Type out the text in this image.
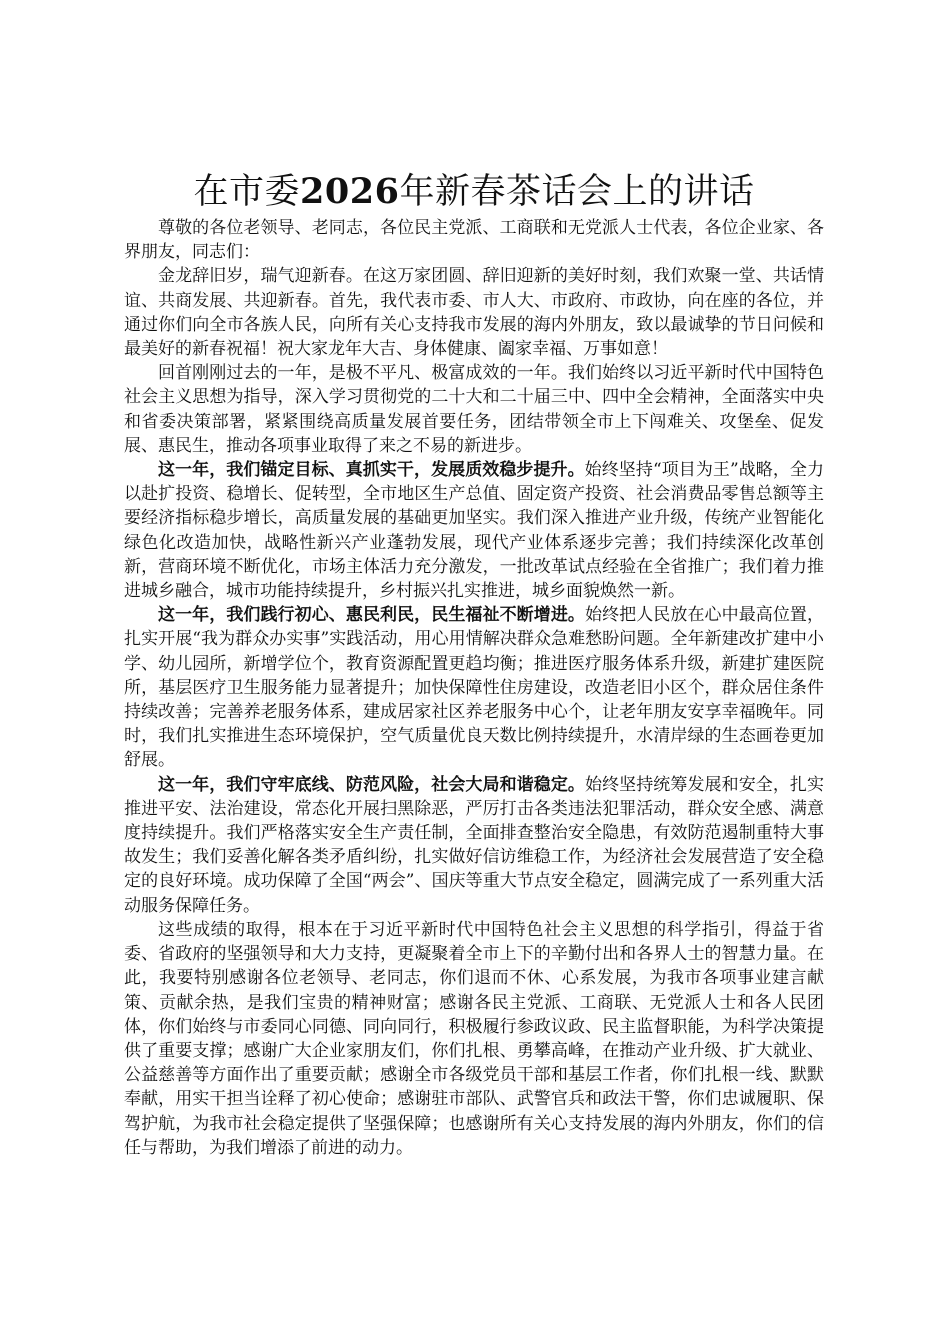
在市委2026年新春茶话会上的讲话

尊敬的各位老领导、老同志，各位民主党派、工商联和无党派人士代表，各位企业家、各界朋友，同志们：

金龙辞旧岁，瑞气迎新春。在这万家团圆、辞旧迎新的美好时刻，我们欢聚一堂、共话情谊、共商发展、共迎新春。首先，我代表市委、市人大、市政府、市政协，向在座的各位，并通过你们向全市各族人民，向所有关心支持我市发展的海内外朋友，致以最诚挚的节日问候和最美好的新春祝福！祝大家龙年大吉、身体健康、阖家幸福、万事如意！

回首刚刚过去的一年，是极不平凡、极富成效的一年。我们始终以习近平新时代中国特色社会主义思想为指导，深入学习贯彻党的二十大和二十届三中、四中全会精神，全面落实中央和省委决策部署，紧紧围绕高质量发展首要任务，团结带领全市上下闯难关、攻堡垒、促发展、惠民生，推动各项事业取得了来之不易的新进步。

这一年，我们锚定目标、真抓实干，发展质效稳步提升。始终坚持“项目为王”战略，全力以赴扩投资、稳增长、促转型，全市地区生产总值、固定资产投资、社会消费品零售总额等主要经济指标稳步增长，高质量发展的基础更加坚实。我们深入推进产业升级，传统产业智能化绿色化改造加快，战略性新兴产业蓬勃发展，现代产业体系逐步完善；我们持续深化改革创新，营商环境不断优化，市场主体活力充分激发，一批改革试点经验在全省推广；我们着力推进城乡融合，城市功能持续提升，乡村振兴扎实推进，城乡面貌焕然一新。

这一年，我们践行初心、惠民利民，民生福祉不断增进。始终把人民放在心中最高位置，扎实开展“我为群众办实事”实践活动，用心用情解决群众急难愁盼问题。全年新建改扩建中小学、幼儿园所，新增学位个，教育资源配置更趋均衡；推进医疗服务体系升级，新建扩建医院所，基层医疗卫生服务能力显著提升；加快保障性住房建设，改造老旧小区个，群众居住条件持续改善；完善养老服务体系，建成居家社区养老服务中心个，让老年朋友安享幸福晚年。同时，我们扎实推进生态环境保护，空气质量优良天数比例持续提升，水清岸绿的生态画卷更加舒展。

这一年，我们守牢底线、防范风险，社会大局和谐稳定。始终坚持统筹发展和安全，扎实推进平安、法治建设，常态化开展扫黑除恶，严厉打击各类违法犯罪活动，群众安全感、满意度持续提升。我们严格落实安全生产责任制，全面排查整治安全隐患，有效防范遏制重特大事故发生；我们妥善化解各类矛盾纠纷，扎实做好信访维稳工作，为经济社会发展营造了安全稳定的良好环境。成功保障了全国“两会”、国庆等重大节点安全稳定，圆满完成了一系列重大活动服务保障任务。

这些成绩的取得，根本在于习近平新时代中国特色社会主义思想的科学指引，得益于省委、省政府的坚强领导和大力支持，更凝聚着全市上下的辛勤付出和各界人士的智慧力量。在此，我要特别感谢各位老领导、老同志，你们退而不休、心系发展，为我市各项事业建言献策、贡献余热，是我们宝贵的精神财富；感谢各民主党派、工商联、无党派人士和各人民团体，你们始终与市委同心同德、同向同行，积极履行参政议政、民主监督职能，为科学决策提供了重要支撑；感谢广大企业家朋友们，你们扎根、勇攀高峰，在推动产业升级、扩大就业、公益慈善等方面作出了重要贡献；感谢全市各级党员干部和基层工作者，你们扎根一线、默默奉献，用实干担当诠释了初心使命；感谢驻市部队、武警官兵和政法干警，你们忠诚履职、保驾护航，为我市社会稳定提供了坚强保障；也感谢所有关心支持发展的海内外朋友，你们的信任与帮助，为我们增添了前进的动力。
